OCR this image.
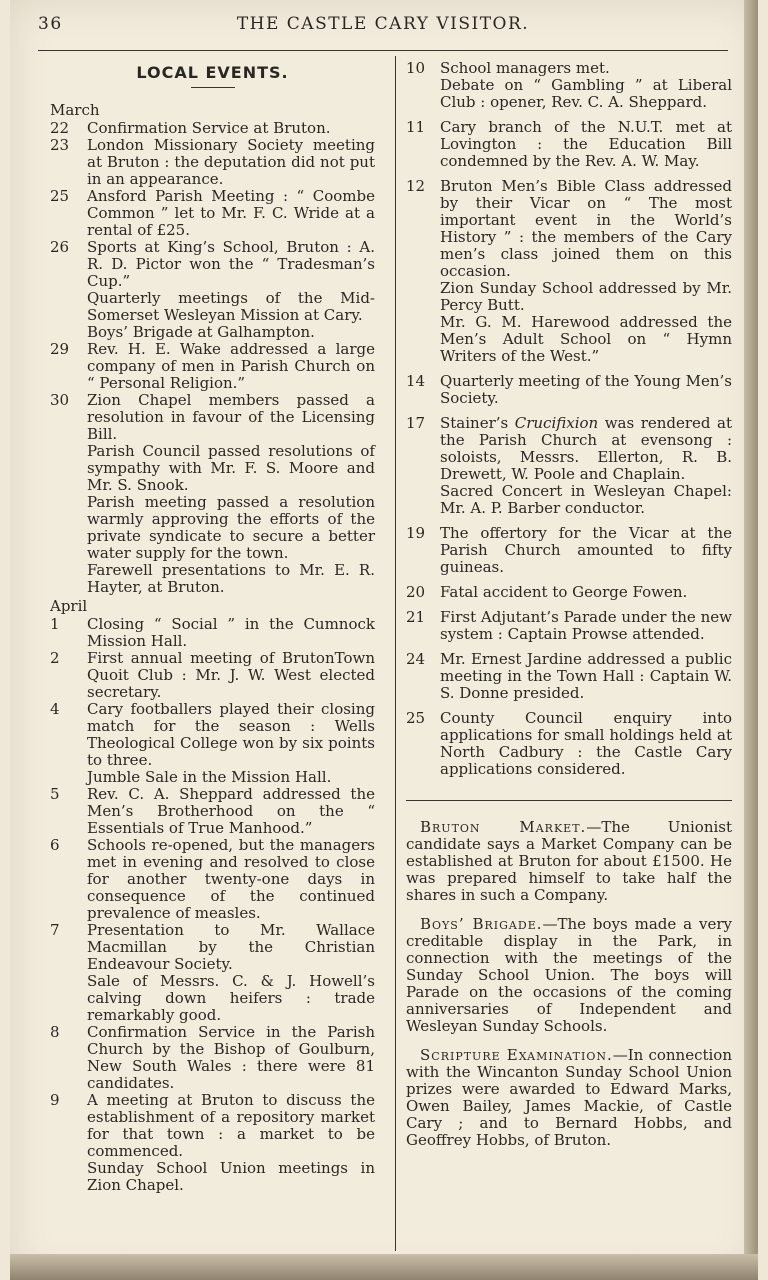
THE CASTLE CARY VISITOR.
36
LOCAL EVENTS.
March
22	Confirmation Service at Bruton.
23	London Missionary Society meeting at Bruton : the deputation did not put in an appearance.
25	Ansford Parish Meeting : “ Coombe Common ” let to Mr. F. C. Wride at a rental of £25.
26	Sports at King’s School, Bruton : A. R. D. Pictor won the “ Tradesman’s Cup.”
Quarterly meetings of the Mid-Somerset Wesleyan Mission at Cary.
Boys’ Brigade at Galhampton.
29	Rev. H. E. Wake addressed a large company of men in Parish Church on “ Personal Religion.”
30	Zion Chapel members passed a resolution in favour of the Licensing Bill.
Parish Council passed resolutions of sympathy with Mr. F. S. Moore and Mr. S. Snook.
Parish meeting passed a resolution warmly approving the efforts of the private syndicate to secure a better water supply for the town.
Farewell presentations to Mr. E. R. Hayter, at Bruton.
April
1	Closing “ Social ” in the Cumnock Mission Hall.
2	First annual meeting of BrutonTown Quoit Club : Mr. J. W. West elected secretary.
4	Cary footballers played their closing match for the season : Wells Theological College won by six points to three.
Jumble Sale in the Mission Hall.
5	Rev. C. A. Sheppard addressed the Men’s Brotherhood on the “ Essentials of True Manhood.”
6	Schools re-opened, but the managers met in evening and resolved to close for another twenty-one days in consequence of the continued prevalence of measles.
7	Presentation to Mr. Wallace Macmillan by the Christian Endeavour Society.
Sale of Messrs. C. & J. Howell’s calving down heifers : trade remarkably good.
8	Confirmation Service in the Parish Church by the Bishop of Goulburn, New South Wales : there were 81 candidates.
9	A meeting at Bruton to discuss the establishment of a repository market for that town : a market to be commenced.
Sunday School Union meetings in Zion Chapel.
10 School managers met.
Debate on “ Gambling ” at Liberal Club : opener, Rev. C. A. Sheppard.
11 Cary branch of the N.U.T. met at Lovington : the Education Bill condemned by the Rev. A. W. May.
12 Bruton Men’s Bible Class addressed by their Vicar on “ The most important event in the World’s History ” : the members of the Cary men’s class joined them on this occasion.
Zion Sunday School addressed by Mr. Percy Butt.
Mr. G. M. Harewood addressed the Men’s Adult School on “ Hymn Writers of the West.”
14 Quarterly meeting of the Young Men’s Society.
17 Stainer’s Crucifixion was rendered at the Parish Church at evensong : soloists, Messrs. Ellerton, R. B. Drewett, W. Poole and Chaplain.
Sacred Concert in Wesleyan Chapel: Mr. A. P. Barber conductor.
19 The offertory for the Vicar at the Parish Church amounted to fifty guineas.
20 Fatal accident to George Fowen.
21 First Adjutant’s Parade under the new system : Captain Prowse attended.
24 Mr. Ernest Jardine addressed a public meeting in the Town Hall : Captain W. S. Donne presided.
25 County Council enquiry into applications for small holdings held at North Cadbury : the Castle Cary applications considered.

Bruton Market.—The Unionist candidate says a Market Company can be established at Bruton for about £1500. He was prepared himself to take half the shares in such a Company.

Boys’ Brigade.—The boys made a very creditable display in the Park, in connection with the meetings of the Sunday School Union. The boys will Parade on the occasions of the coming anniversaries of Independent and Wesleyan Sunday Schools.

Scripture Examination.—In connection with the Wincanton Sunday School Union prizes were awarded to Edward Marks, Owen Bailey, James Mackie, of Castle Cary ; and to Bernard Hobbs, and Geoffrey Hobbs, of Bruton.
